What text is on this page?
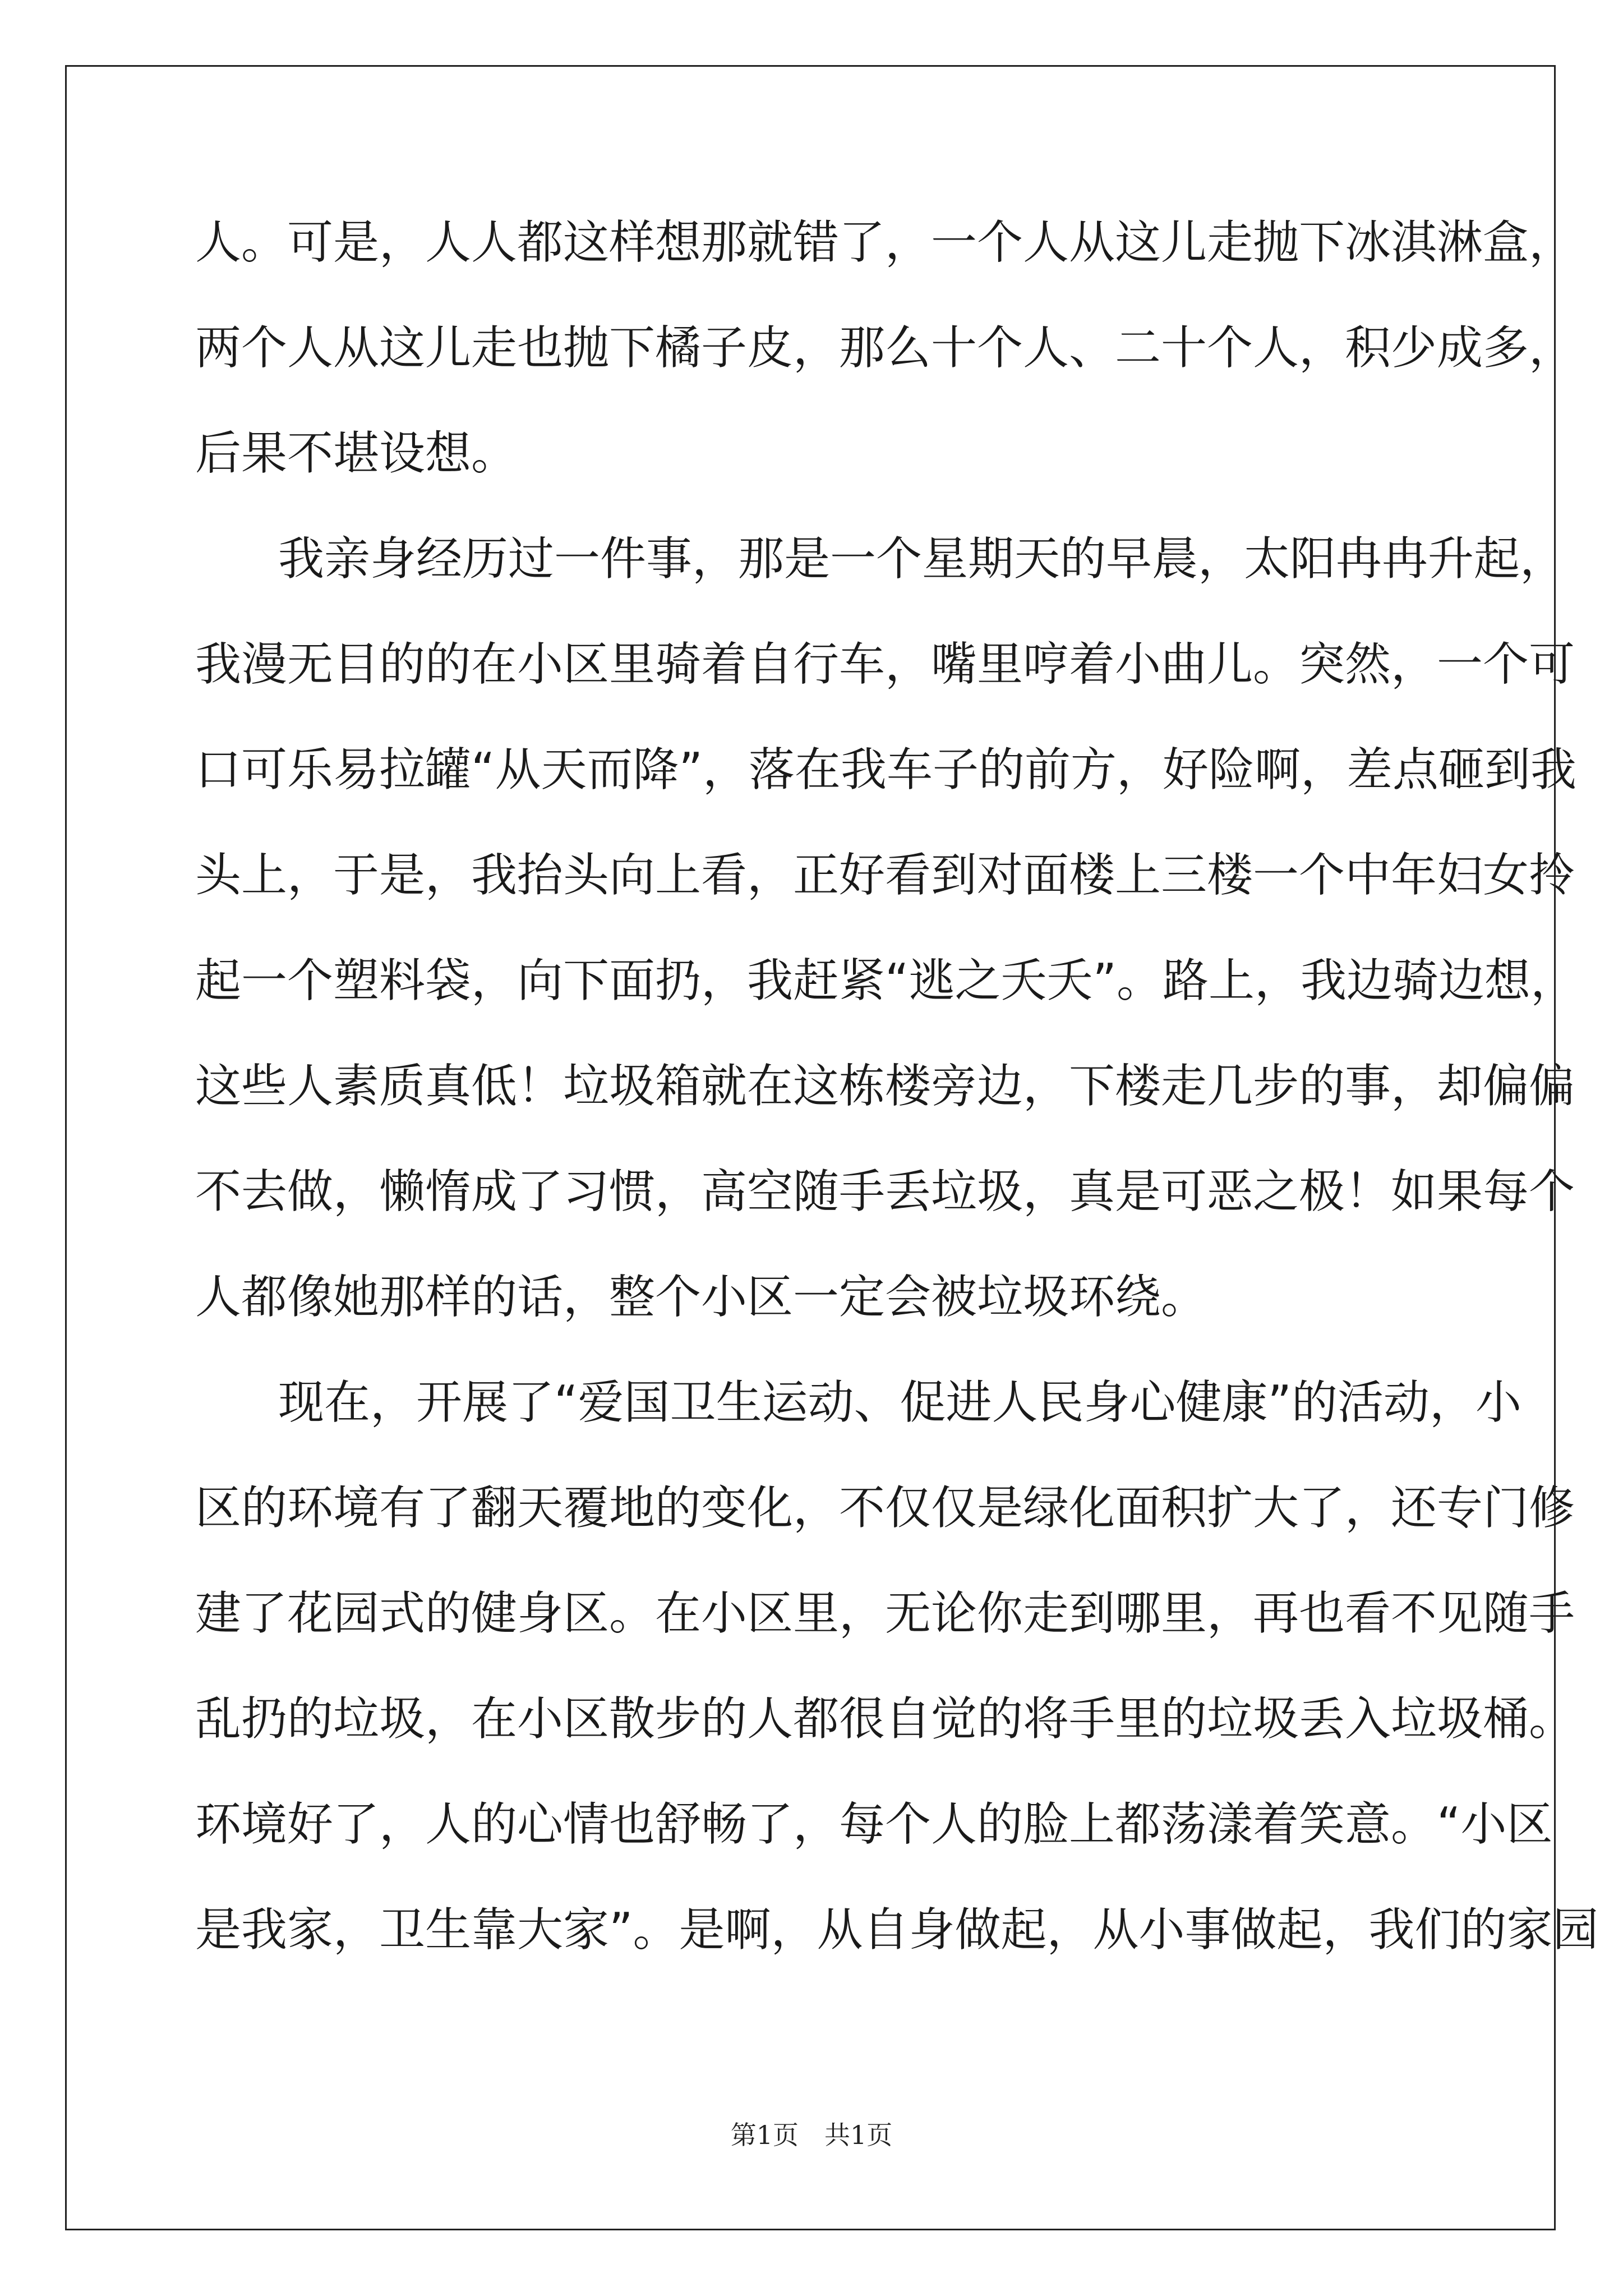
人。可是，人人都这样想那就错了，一个人从这儿走抛下冰淇淋盒，
两个人从这儿走也抛下橘子皮，那么十个人、二十个人，积少成多，
后果不堪设想。
我亲身经历过一件事，那是一个星期天的早晨，太阳冉冉升起，
我漫无目的的在小区里骑着自行车，嘴里哼着小曲儿。突然，一个可
口可乐易拉罐“从天而降”，落在我车子的前方，好险啊，差点砸到我
头上，于是，我抬头向上看，正好看到对面楼上三楼一个中年妇女拎
起一个塑料袋，向下面扔，我赶紧“逃之夭夭”。路上，我边骑边想，
这些人素质真低！垃圾箱就在这栋楼旁边，下楼走几步的事，却偏偏
不去做，懒惰成了习惯，高空随手丢垃圾，真是可恶之极！如果每个
人都像她那样的话，整个小区一定会被垃圾环绕。
现在，开展了“爱国卫生运动、促进人民身心健康”的活动，小
区的环境有了翻天覆地的变化，不仅仅是绿化面积扩大了，还专门修
建了花园式的健身区。在小区里，无论你走到哪里，再也看不见随手
乱扔的垃圾，在小区散步的人都很自觉的将手里的垃圾丢入垃圾桶。
环境好了，人的心情也舒畅了，每个人的脸上都荡漾着笑意。“小区
是我家，卫生靠大家”。是啊，从自身做起，从小事做起，我们的家园
第1页　共1页
